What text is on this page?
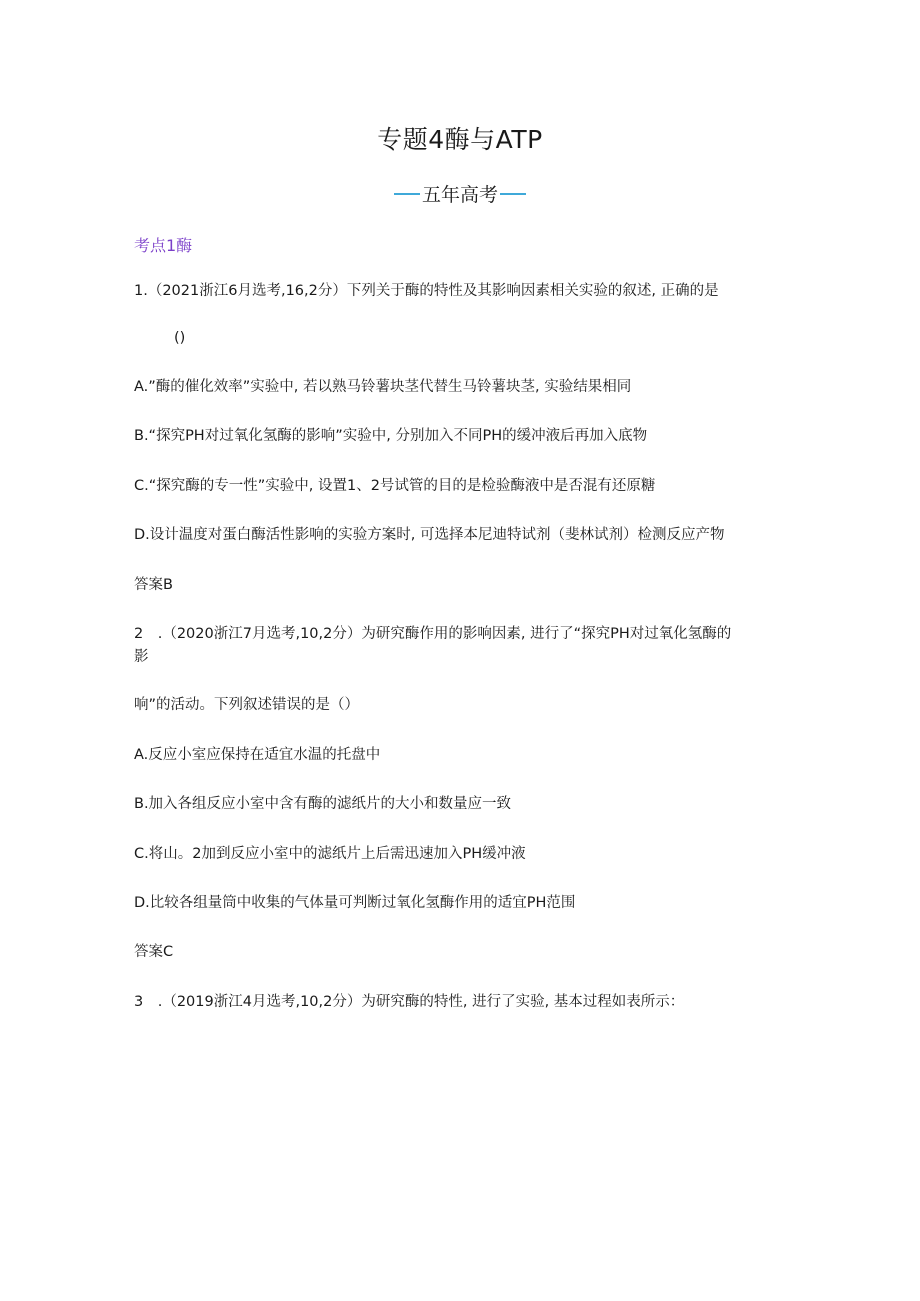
专题4酶与ATP
五年高考
考点1酶
1.（2021浙江6月选考,16,2分）下列关于酶的特性及其影响因素相关实验的叙述, 正确的是
()
A.”酶的催化效率”实验中, 若以熟马铃薯块茎代替生马铃薯块茎, 实验结果相同
B.“探究PH对过氧化氢酶的影响”实验中, 分别加入不同PH的缓冲液后再加入底物
C.“探究酶的专一性”实验中, 设置1、2号试管的目的是检验酶液中是否混有还原糖
D.设计温度对蛋白酶活性影响的实验方案时, 可选择本尼迪特试剂（斐林试剂）检测反应产物
答案B
2　.（2020浙江7月选考,10,2分）为研究酶作用的影响因素, 进行了“探究PH对过氧化氢酶的
影
响”的活动。下列叙述错误的是（）
A.反应小室应保持在适宜水温的托盘中
B.加入各组反应小室中含有酶的滤纸片的大小和数量应一致
C.将山。2加到反应小室中的滤纸片上后需迅速加入PH缓冲液
D.比较各组量筒中收集的气体量可判断过氧化氢酶作用的适宜PH范围
答案C
3　.（2019浙江4月选考,10,2分）为研究酶的特性, 进行了实验, 基本过程如表所示：
